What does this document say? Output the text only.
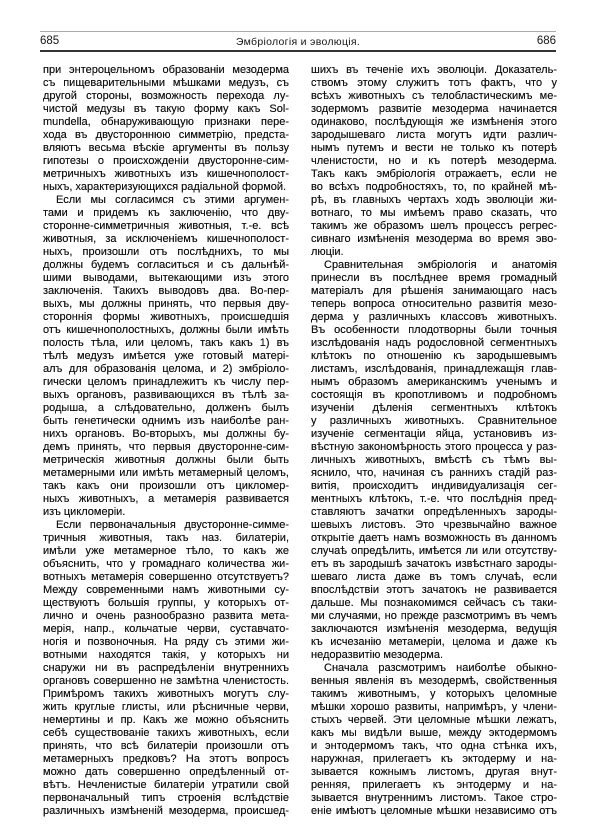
685	Эмбріологія и эволюція.	686
при энтероцельномъ образованіи мезодерма
съ пищеварительными мѣшками медузъ, съ
другой стороны, возможность перехода лу-
чистой медузы въ такую форму какъ Sol-
mundella, обнаруживающую признаки пере-
хода въ двустороннюю симметрію, предста-
вляютъ весьма вѣскіе аргументы въ пользу
гипотезы о происхожденіи двусторонне-сим-
метричныхъ животныхъ изъ кишечнополост-
ныхъ, характеризующихся радіальной формой.
Если мы согласимся съ этими аргумен-
тами и придемъ къ заключенію, что дву-
сторонне-симметричныя животныя, т.-е. всѣ
животныя, за исключеніемъ кишечнополост-
ныхъ, произошли отъ послѣднихъ, то мы
должны будемъ согласиться и съ дальнѣй-
шими выводами, вытекающими изъ этого
заключенія. Такихъ выводовъ два. Во-пер-
выхъ, мы должны принять, что первыя дву-
стороннія формы животныхъ, происшедшія
отъ кишечнополостныхъ, должны были имѣть
полость тѣла, или целомъ, такъ какъ 1) въ
тѣлѣ медузъ имѣется уже готовый матері-
алъ для образованія целома, и 2) эмбріоло-
гически целомъ принадлежитъ къ числу пер-
выхъ органовъ, развивающихся въ тѣлѣ за-
родыша, а слѣдовательно, долженъ былъ
быть генетически однимъ изъ наиболѣе ран-
нихъ органовъ. Во-вторыхъ, мы должны бу-
демъ принять, что первыя двусторонне-сим-
метрическія животныя должны были быть
метамерными или имѣть метамерный целомъ,
такъ какъ они произошли отъ цикломер-
ныхъ животныхъ, а метамерія развивается
изъ цикломеріи.
Если первоначальныя двусторонне-симме-
тричныя животныя, такъ наз. билатеріи,
имѣли уже метамерное тѣло, то какъ же
объяснить, что у громаднаго количества жи-
вотныхъ метамерія совершенно отсутствуетъ?
Между современными намъ животными су-
ществуютъ большія группы, у которыхъ от-
лично и очень разнообразно развита мета-
мерія, напр., кольчатые черви, суставчато-
ногія и позвоночныя. На ряду съ этими жи-
вотными находятся такія, у которыхъ ни
снаружи ни въ распредѣленіи внутреннихъ
органовъ совершенно не замѣтна членистость.
Примѣромъ такихъ животныхъ могутъ слу-
жить круглые глисты, или рѣсничные черви,
немертины и пр. Какъ же можно объяснить
себѣ существованіе такихъ животныхъ, если
принять, что всѣ билатеріи произошли отъ
метамерныхъ предковъ? На этотъ вопросъ
можно дать совершенно опредѣленный от-
вѣтъ. Нечленистые билатеріи утратили свой
первоначальный типъ строенія вслѣдствіе
различныхъ измѣненій мезодерма, происшед-
шихъ въ теченіе ихъ эволюціи. Доказатель-
ствомъ этому служитъ тотъ фактъ, что у
всѣхъ животныхъ съ телобластическимъ ме-
зодермомъ развитіе мезодерма начинается
одинаково, послѣдующія же измѣненія этого
зародышеваго листа могутъ идти различ-
нымъ путемъ и вести не только къ потерѣ
членистости, но и къ потерѣ мезодерма.
Такъ какъ эмбріологія отражаетъ, если не
во всѣхъ подробностяхъ, то, по крайней мѣ-
рѣ, въ главныхъ чертахъ ходъ эволюціи жи-
вотнаго, то мы имѣемъ право сказать, что
такимъ же образомъ шелъ процессъ регрес-
сивнаго измѣненія мезодерма во время эво-
люціи.
Сравнительная эмбріологія и анатомія
принесли въ послѣднее время громадный
матеріалъ для рѣшенія занимающаго насъ
теперь вопроса относительно развитія мезо-
дерма у различныхъ классовъ животныхъ.
Въ особенности плодотворны были точныя
изслѣдованія надъ родословной сегментныхъ
клѣтокъ по отношенію къ зародышевымъ
листамъ, изслѣдованія, принадлежащія глав-
нымъ образомъ американскимъ ученымъ и
состоящія въ кропотливомъ и подробномъ
изученіи дѣленія сегментныхъ клѣтокъ
у различныхъ животныхъ. Сравнительное
изученіе сегментаціи яйца, установивъ из-
вѣстную закономѣрность этого процесса у раз-
личныхъ животныхъ, вмѣстѣ съ тѣмъ вы-
яснило, что, начиная съ раннихъ стадій раз-
витія, происходитъ индивидуализація сег-
ментныхъ клѣтокъ, т.-е. что послѣднія пред-
ставляютъ зачатки опредѣленныхъ зароды-
шевыхъ листовъ. Это чрезвычайно важное
открытіе даетъ намъ возможность въ данномъ
случаѣ опредѣлить, имѣется ли или отсутству-
етъ въ зародышѣ зачатокъ извѣстнаго зароды-
шеваго листа даже въ томъ случаѣ, если
впослѣдствіи этотъ зачатокъ не развивается
дальше. Мы познакомимся сейчасъ съ таки-
ми случаями, но прежде разсмотримъ въ чемъ
заключаются измѣненія мезодерма, ведущія
къ исчезанію метамеріи, целома и даже къ
недоразвитію мезодерма.
Сначала разсмотримъ наиболѣе обыкно-
венныя явленія въ мезодермѣ, свойственныя
такимъ животнымъ, у которыхъ целомные
мѣшки хорошо развиты, напримѣръ, у члени-
стыхъ червей. Эти целомные мѣшки лежатъ,
какъ мы видѣли выше, между эктодермомъ
и энтодермомъ такъ, что одна стѣнка ихъ,
наружная, прилегаетъ къ эктодерму и на-
зывается кожнымъ листомъ, другая внут-
ренняя, прилегаетъ къ энтодерму и на-
зывается внутреннимъ листомъ. Такое стро-
еніе имѣютъ целомные мѣшки независимо отъ
